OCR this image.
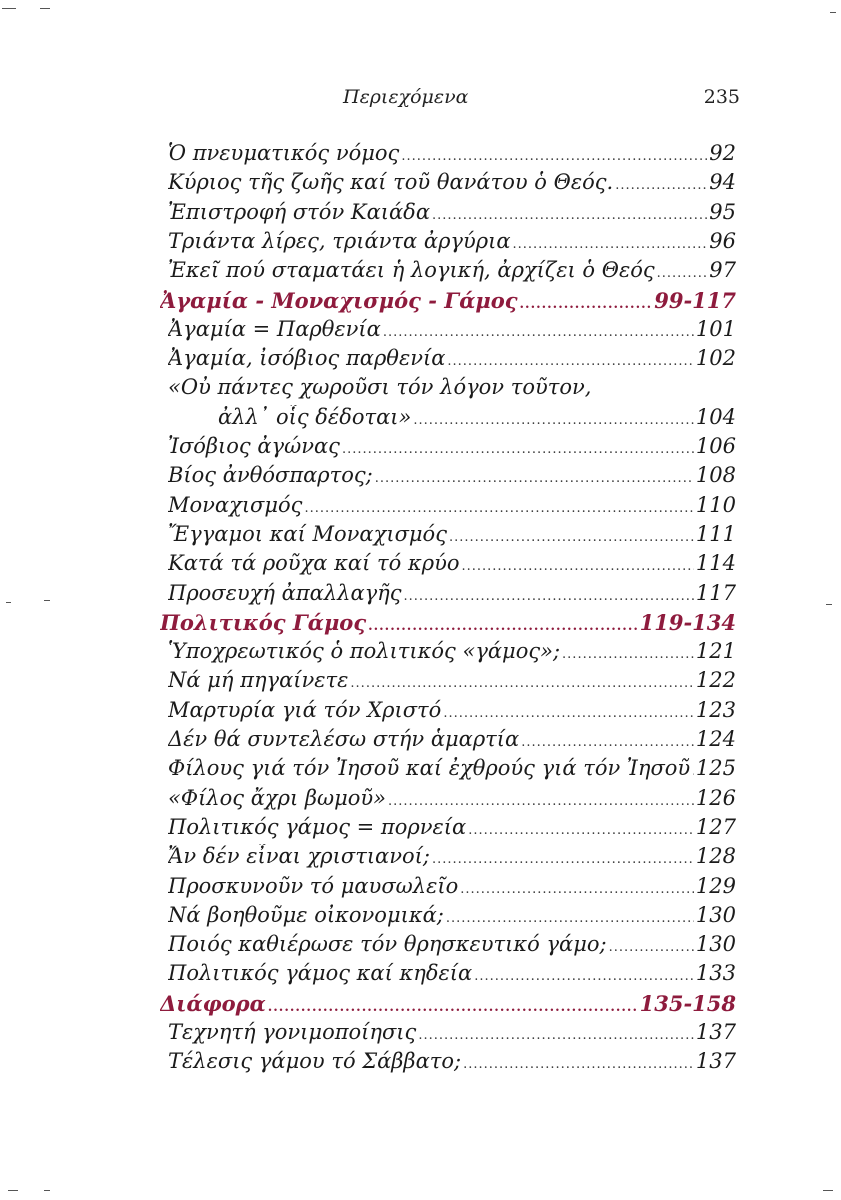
Περιεχόμενα	235
Ὁ πνευματικός νόμος .....	92
Κύριος τῆς ζωῆς καί τοῦ θανάτου ὁ Θεός. .....	94
Ἐπιστροφή στόν Καιάδα .....	95
Τριάντα λίρες, τριάντα ἀργύρια .....	96
Ἐκεῖ πού σταματάει ἡ λογική, ἀρχίζει ὁ Θεός .....	97
Ἀγαμία - Μοναχισμός - Γάμος .....	99-117
Ἀγαμία = Παρθενία .....	101
Ἀγαμία, ἰσόβιος παρθενία .....	102
«Οὐ πάντες χωροῦσι τόν λόγον τοῦτον,
ἀλλ᾽ οἷς δέδοται» .....	104
Ἰσόβιος ἀγώνας .....	106
Βίος ἀνθόσπαρτος; .....	108
Μοναχισμός .....	110
Ἔγγαμοι καί Μοναχισμός .....	111
Κατά τά ροῦχα καί τό κρύο .....	114
Προσευχή ἀπαλλαγῆς .....	117
Πολιτικός Γάμος .....	119-134
Ὑποχρεωτικός ὁ πολιτικός «γάμος»; .....	121
Νά μή πηγαίνετε .....	122
Μαρτυρία γιά τόν Χριστό .....	123
Δέν θά συντελέσω στήν ἁμαρτία .....	124
Φίλους γιά τόν Ἰησοῦ καί ἐχθρούς γιά τόν Ἰησοῦ ..... 125
«Φίλος ἄχρι βωμοῦ» .....	126
Πολιτικός γάμος = πορνεία .....	127
Ἄν δέν εἶναι χριστιανοί; .....	128
Προσκυνοῦν τό μαυσωλεῖο .....	129
Νά βοηθοῦμε οἰκονομικά; .....	130
Ποιός καθιέρωσε τόν θρησκευτικό γάμο; .....	130
Πολιτικός γάμος καί κηδεία .....	133
Διάφορα .....	135-158
Τεχνητή γονιμοποίησις .....	137
Τέλεσις γάμου τό Σάββατο; .....	137
